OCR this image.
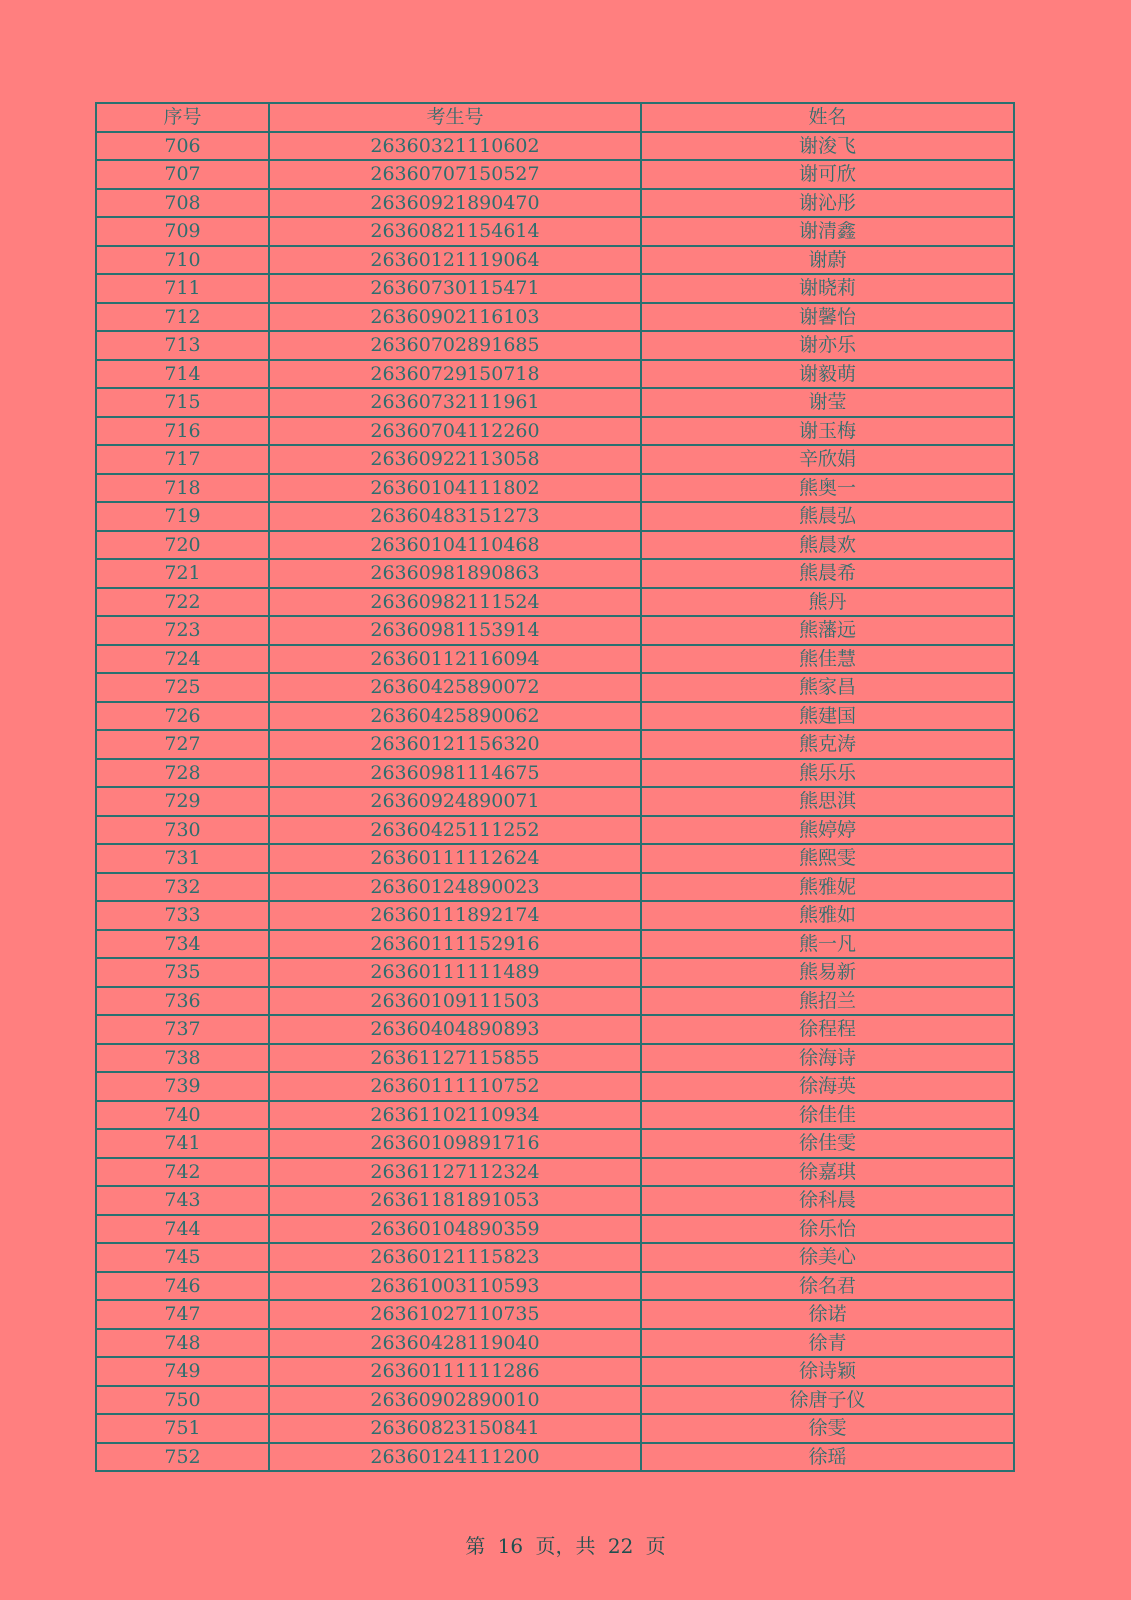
序号	考生号	姓名
706	26360321110602	谢浚飞
707	26360707150527	谢可欣
708	26360921890470	谢沁彤
709	26360821154614	谢清鑫
710	26360121119064	谢蔚
711	26360730115471	谢晓莉
712	26360902116103	谢馨怡
713	26360702891685	谢亦乐
714	26360729150718	谢毅萌
715	26360732111961	谢莹
716	26360704112260	谢玉梅
717	26360922113058	辛欣娟
718	26360104111802	熊奥一
719	26360483151273	熊晨弘
720	26360104110468	熊晨欢
721	26360981890863	熊晨希
722	26360982111524	熊丹
723	26360981153914	熊藩远
724	26360112116094	熊佳慧
725	26360425890072	熊家昌
726	26360425890062	熊建国
727	26360121156320	熊克涛
728	26360981114675	熊乐乐
729	26360924890071	熊思淇
730	26360425111252	熊婷婷
731	26360111112624	熊熙雯
732	26360124890023	熊雅妮
733	26360111892174	熊雅如
734	26360111152916	熊一凡
735	26360111111489	熊易新
736	26360109111503	熊招兰
737	26360404890893	徐程程
738	26361127115855	徐海诗
739	26360111110752	徐海英
740	26361102110934	徐佳佳
741	26360109891716	徐佳雯
742	26361127112324	徐嘉琪
743	26361181891053	徐科晨
744	26360104890359	徐乐怡
745	26360121115823	徐美心
746	26361003110593	徐名君
747	26361027110735	徐诺
748	26360428119040	徐青
749	26360111111286	徐诗颖
750	26360902890010	徐唐子仪
751	26360823150841	徐雯
752	26360124111200	徐瑶
第 16 页，共 22 页
